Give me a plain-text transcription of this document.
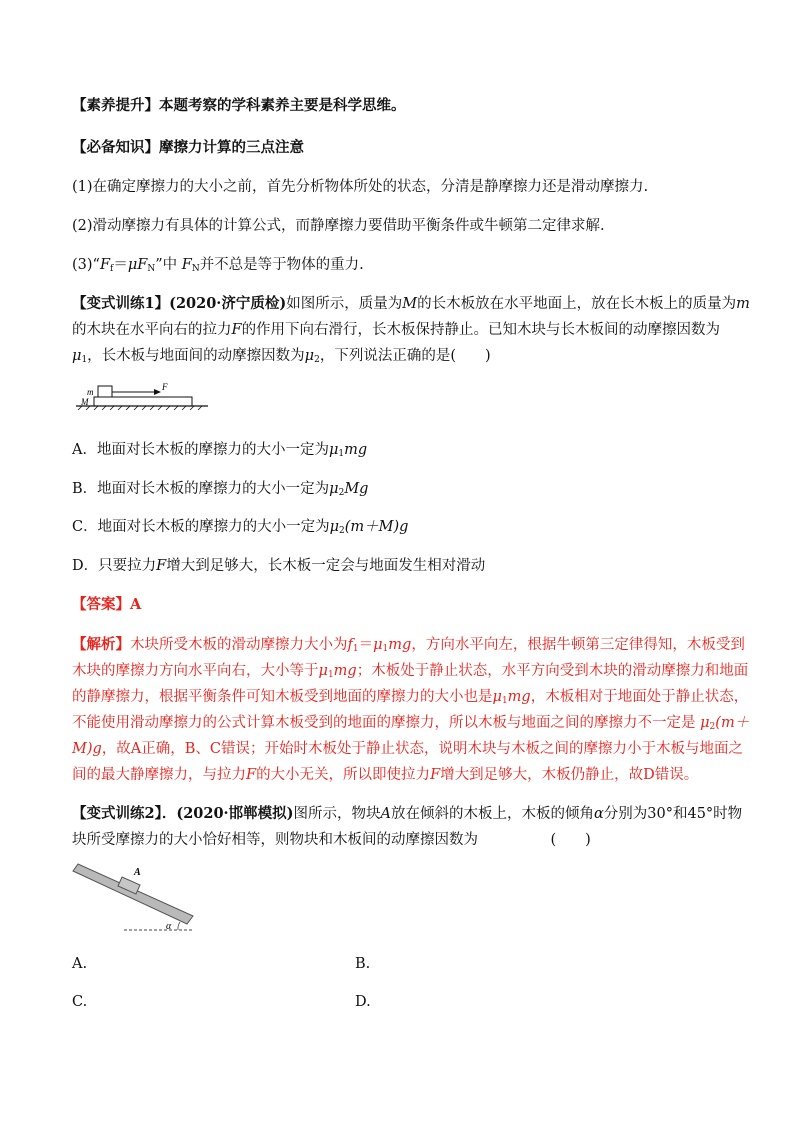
【素养提升】本题考察的学科素养主要是科学思维。
【必备知识】摩擦力计算的三点注意
(1)在确定摩擦力的大小之前，首先分析物体所处的状态，分清是静摩擦力还是滑动摩擦力.
(2)滑动摩擦力有具体的计算公式，而静摩擦力要借助平衡条件或牛顿第二定律求解.
$(3)“F_f=\mu F_N$”中 $F_N$并不总是等于物体的重力.
【变式训练1】(2020·济宁质检)如图所示，质量为M的长木板放在水平地面上，放在长木板上的质量为m
的木块在水平向右的拉力F的作用下向右滑行，长木板保持静止。已知木块与长木板间的动摩擦因数为
$\mu_1$，长木板与地面间的动摩擦因数为$\mu_2$，下列说法正确的是(　　)
m
M
F
A．地面对长木板的摩擦力的大小一定为$\mu_1mg$
B．地面对长木板的摩擦力的大小一定为$\mu_2Mg$
C．地面对长木板的摩擦力的大小一定为$\mu_2(m+M)g$
D．只要拉力F增大到足够大，长木板一定会与地面发生相对滑动
【答案】A
【解析】木块所受木板的滑动摩擦力大小为$f_1=\mu_1mg$，方向水平向左，根据牛顿第三定律得知，木板受到
木块的摩擦力方向水平向右，大小等于$\mu_1mg$；木板处于静止状态，水平方向受到木块的滑动摩擦力和地面
的静摩擦力，根据平衡条件可知木板受到地面的摩擦力的大小也是$\mu_1mg$，木板相对于地面处于静止状态，
不能使用滑动摩擦力的公式计算木板受到的地面的摩擦力，所以木板与地面之间的摩擦力不一定是 $\mu_2(m+$
M)g，故A正确，B、C错误；开始时木板处于静止状态，说明木块与木板之间的摩擦力小于木板与地面之
间的最大静摩擦力，与拉力F的大小无关，所以即使拉力F增大到足够大，木板仍静止，故D错误。
【变式训练2】．(2020·邯郸模拟)图所示，物块A放在倾斜的木板上，木板的倾角α分别为30°和45°时物
块所受摩擦力的大小恰好相等，则物块和木板间的动摩擦因数为　　　　　(　　)
A
α
A.	B.
C.	D.
